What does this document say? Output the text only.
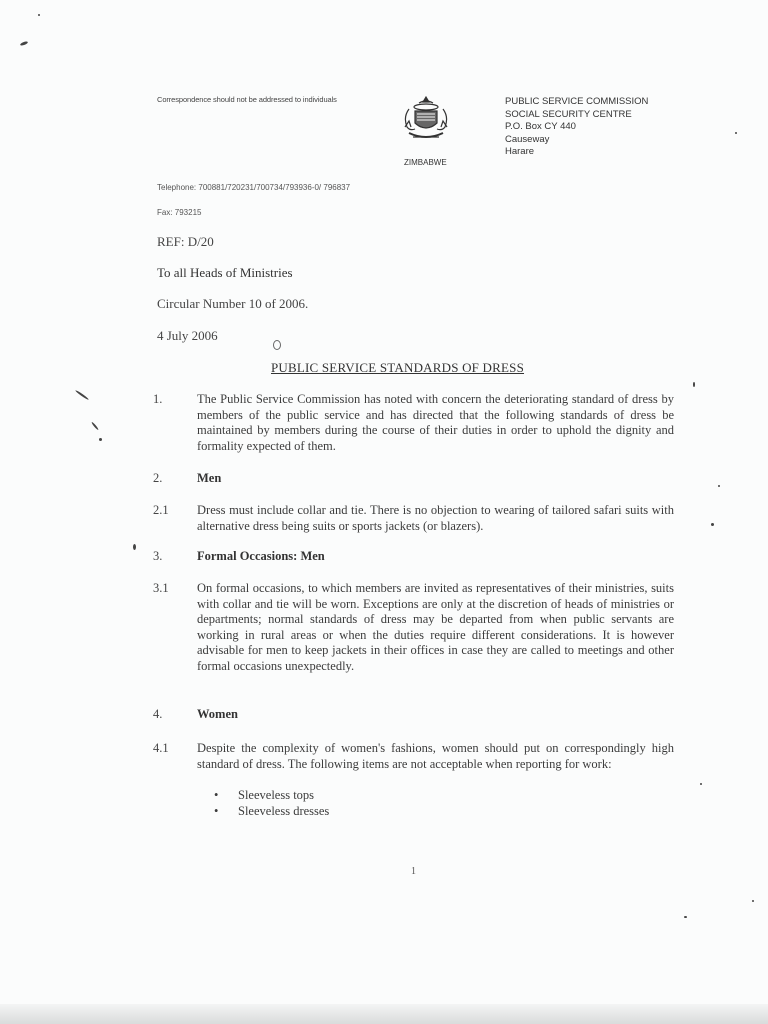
Correspondence should not be addressed to individuals
ZIMBABWE
PUBLIC SERVICE COMMISSION
SOCIAL SECURITY CENTRE
P.O. Box CY 440
Causeway
Harare
Telephone: 700881/720231/700734/793936-0/ 796837
Fax: 793215
REF: D/20
To all Heads of Ministries
Circular Number 10 of 2006.
4 July 2006
PUBLIC SERVICE STANDARDS OF DRESS
1.	The Public Service Commission has noted with concern the deteriorating standard of dress by members of the public service and has directed that the following standards of dress be maintained by members during the course of their duties in order to uphold the dignity and formality expected of them.
2.	Men
2.1 Dress must include collar and tie. There is no objection to wearing of tailored safari suits with alternative dress being suits or sports jackets (or blazers).
3.	Formal Occasions: Men
3.1 On formal occasions, to which members are invited as representatives of their ministries, suits with collar and tie will be worn. Exceptions are only at the discretion of heads of ministries or departments; normal standards of dress may be departed from when public servants are working in rural areas or when the duties require different considerations. It is however advisable for men to keep jackets in their offices in case they are called to meetings and other formal occasions unexpectedly.
4.	Women
4.1 Despite the complexity of women's fashions, women should put on correspondingly high standard of dress. The following items are not acceptable when reporting for work:
• Sleeveless tops
• Sleeveless dresses
1
